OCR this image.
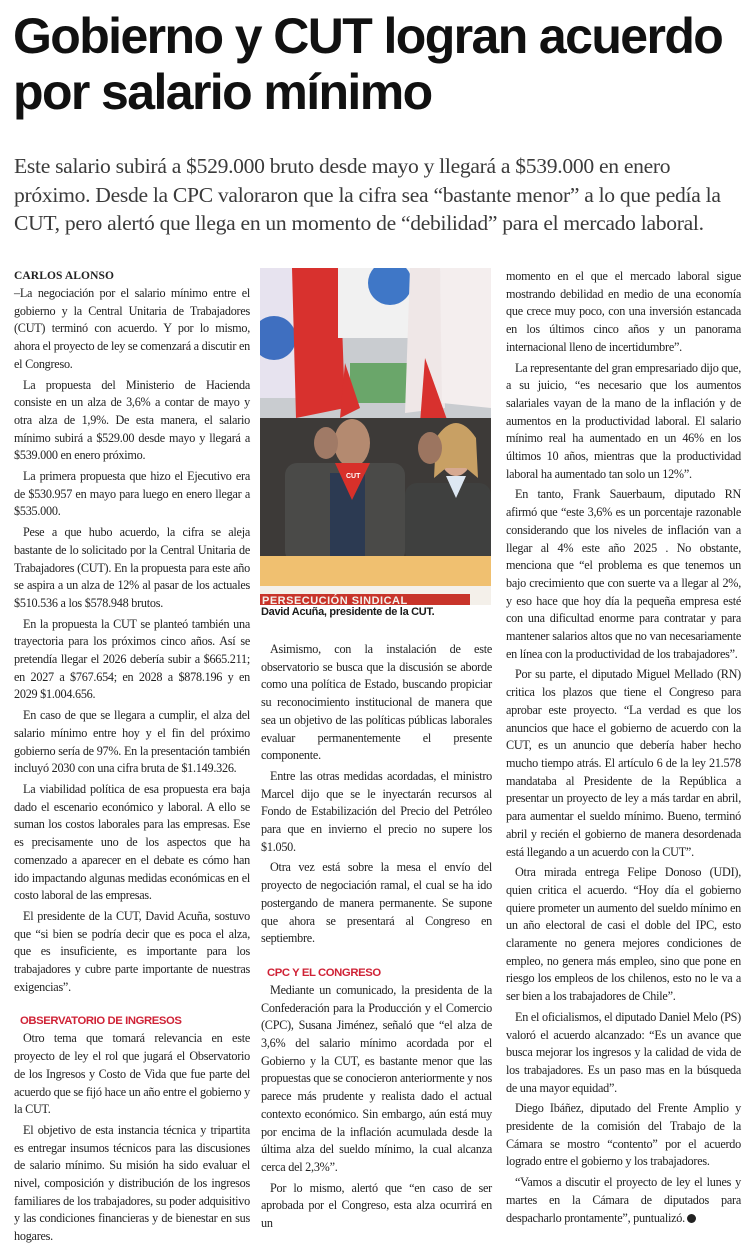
Gobierno y CUT logran acuerdo por salario mínimo

Este salario subirá a $529.000 bruto desde mayo y llegará a $539.000 en enero próximo. Desde la CPC valoraron que la cifra sea “bastante menor” a lo que pedía la CUT, pero alertó que llega en un momento de “debilidad” para el mercado laboral.

CARLOS ALONSO

–La negociación por el salario mínimo entre el gobierno y la Central Unitaria de Trabajadores (CUT) terminó con acuerdo. Y por lo mismo, ahora el proyecto de ley se comenzará a discutir en el Congreso.

La propuesta del Ministerio de Hacienda consiste en un alza de 3,6% a contar de mayo y otra alza de 1,9%. De esta manera, el salario mínimo subirá a $529.00 desde mayo y llegará a $539.000 en enero próximo.

La primera propuesta que hizo el Ejecutivo era de $530.957 en mayo para luego en enero llegar a $535.000.

Pese a que hubo acuerdo, la cifra se aleja bastante de lo solicitado por la Central Unitaria de Trabajadores (CUT). En la propuesta para este año se aspira a un alza de 12% al pasar de los actuales $510.536 a los $578.948 brutos.

En la propuesta la CUT se planteó también una trayectoria para los próximos cinco años. Así se pretendía llegar el 2026 debería subir a $665.211; en 2027 a $767.654; en 2028 a $878.196 y en 2029 $1.004.656.

En caso de que se llegara a cumplir, el alza del salario mínimo entre hoy y el fin del próximo gobierno sería de 97%. En la presentación también incluyó 2030 con una cifra bruta de $1.149.326.

La viabilidad política de esa propuesta era baja dado el escenario económico y laboral. A ello se suman los costos laborales para las empresas. Ese es precisamente uno de los aspectos que ha comenzado a aparecer en el debate es cómo han ido impactando algunas medidas económicas en el costo laboral de las empresas.

El presidente de la CUT, David Acuña, sostuvo que “si bien se podría decir que es poca el alza, que es insuficiente, es importante para los trabajadores y cubre parte importante de nuestras exigencias”.

OBSERVATORIO DE INGRESOS

Otro tema que tomará relevancia en este proyecto de ley el rol que jugará el Observatorio de los Ingresos y Costo de Vida que fue parte del acuerdo que se fijó hace un año entre el gobierno y la CUT.

El objetivo de esta instancia técnica y tripartita es entregar insumos técnicos para las discusiones de salario mínimo. Su misión ha sido evaluar el nivel, composición y distribución de los ingresos familiares de los trabajadores, su poder adquisitivo y las condiciones financieras y de bienestar en sus hogares.

CUT
PERSECUCIÓN SINDICAL
David Acuña, presidente de la CUT.

Asimismo, con la instalación de este observatorio se busca que la discusión se aborde como una política de Estado, buscando propiciar su reconocimiento institucional de manera que sea un objetivo de las políticas públicas laborales evaluar permanentemente el presente componente.

Entre las otras medidas acordadas, el ministro Marcel dijo que se le inyectarán recursos al Fondo de Estabilización del Precio del Petróleo para que en invierno el precio no supere los $1.050.

Otra vez está sobre la mesa el envío del proyecto de negociación ramal, el cual se ha ido postergando de manera permanente. Se supone que ahora se presentará al Congreso en septiembre.

CPC Y EL CONGRESO

Mediante un comunicado, la presidenta de la Confederación para la Producción y el Comercio (CPC), Susana Jiménez, señaló que “el alza de 3,6% del salario mínimo acordada por el Gobierno y la CUT, es bastante menor que las propuestas que se conocieron anteriormente y nos parece más prudente y realista dado el actual contexto económico. Sin embargo, aún está muy por encima de la inflación acumulada desde la última alza del sueldo mínimo, la cual alcanza cerca del 2,3%”.

Por lo mismo, alertó que “en caso de ser aprobada por el Congreso, esta alza ocurrirá en un

momento en el que el mercado laboral sigue mostrando debilidad en medio de una economía que crece muy poco, con una inversión estancada en los últimos cinco años y un panorama internacional lleno de incertidumbre”.

La representante del gran empresariado dijo que, a su juicio, “es necesario que los aumentos salariales vayan de la mano de la inflación y de aumentos en la productividad laboral. El salario mínimo real ha aumentado en un 46% en los últimos 10 años, mientras que la productividad laboral ha aumentado tan solo un 12%”.

En tanto, Frank Sauerbaum, diputado RN afirmó que “este 3,6% es un porcentaje razonable considerando que los niveles de inflación van a llegar al 4% este año 2025 . No obstante, menciona que “el problema es que tenemos un bajo crecimiento que con suerte va a llegar al 2%, y eso hace que hoy día la pequeña empresa esté con una dificultad enorme para contratar y para mantener salarios altos que no van necesariamente en línea con la productividad de los trabajadores”.

Por su parte, el diputado Miguel Mellado (RN) critica los plazos que tiene el Congreso para aprobar este proyecto. “La verdad es que los anuncios que hace el gobierno de acuerdo con la CUT, es un anuncio que debería haber hecho mucho tiempo atrás. El artículo 6 de la ley 21.578 mandataba al Presidente de la República a presentar un proyecto de ley a más tardar en abril, para aumentar el sueldo mínimo. Bueno, terminó abril y recién el gobierno de manera desordenada está llegando a un acuerdo con la CUT”.

Otra mirada entrega Felipe Donoso (UDI), quien critica el acuerdo. “Hoy día el gobierno quiere prometer un aumento del sueldo mínimo en un año electoral de casi el doble del IPC, esto claramente no genera mejores condiciones de empleo, no genera más empleo, sino que pone en riesgo los empleos de los chilenos, esto no le va a ser bien a los trabajadores de Chile”.

En el oficialismos, el diputado Daniel Melo (PS) valoró el acuerdo alcanzado: “Es un avance que busca mejorar los ingresos y la calidad de vida de los trabajadores. Es un paso mas en la búsqueda de una mayor equidad”.

Diego Ibáñez, diputado del Frente Amplio y presidente de la comisión del Trabajo de la Cámara se mostro “contento” por el acuerdo logrado entre el gobierno y los trabajadores.

“Vamos a discutir el proyecto de ley el lunes y martes en la Cámara de diputados para despacharlo prontamente”, puntualizó.
